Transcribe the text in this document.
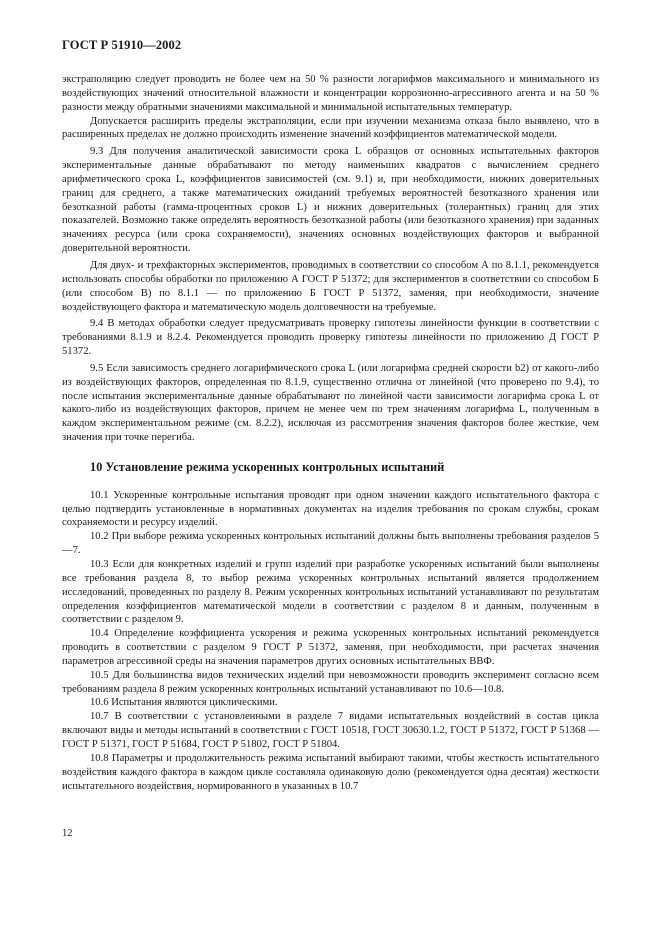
ГОСТ Р 51910—2002

экстраполяцию следует проводить не более чем на 50 % разности логарифмов максимального и минимального из воздействующих значений относительной влажности и концентрации коррозионно-агрессивного агента и на 50 % разности между обратными значениями максимальной и минимальной испытательных температур.

Допускается расширить пределы экстраполяции, если при изучении механизма отказа было выявлено, что в расширенных пределах не должно происходить изменение значений коэффициентов математической модели.

9.3 Для получения аналитической зависимости срока L образцов от основных испытательных факторов экспериментальные данные обрабатывают по методу наименьших квадратов с вычислением среднего арифметического срока L, коэффициентов зависимостей (см. 9.1) и, при необходимости, нижних доверительных границ для среднего, а также математических ожиданий требуемых вероятностей безотказного хранения или безотказной работы (гамма-процентных сроков L) и нижних доверительных (толерантных) границ для этих показателей. Возможно также определять вероятность безотказной работы (или безотказного хранения) при заданных значениях ресурса (или срока сохраняемости), значениях основных воздействующих факторов и выбранной доверительной вероятности.

Для двух- и трехфакторных экспериментов, проводимых в соответствии со способом А по 8.1.1, рекомендуется использовать способы обработки по приложению А ГОСТ Р 51372; для экспериментов в соответствии со способом Б (или способом В) по 8.1.1 — по приложению Б ГОСТ Р 51372, заменяя, при необходимости, значение воздействующего фактора и математическую модель долговечности на требуемые.

9.4 В методах обработки следует предусматривать проверку гипотезы линейности функции в соответствии с требованиями 8.1.9 и 8.2.4. Рекомендуется проводить проверку гипотезы линейности по приложению Д ГОСТ Р 51372.

9.5 Если зависимость среднего логарифмического срока L (или логарифма средней скорости b2) от какого-либо из воздействующих факторов, определенная по 8.1.9, существенно отлична от линейной (что проверено по 9.4), то после испытания экспериментальные данные обрабатывают по линейной части зависимости логарифма срока L от какого-либо из воздействующих факторов, причем не менее чем по трем значениям логарифма L, полученным в каждом экспериментальном режиме (см. 8.2.2), исключая из рассмотрения значения факторов более жесткие, чем значения при точке перегиба.

10 Установление режима ускоренных контрольных испытаний

10.1 Ускоренные контрольные испытания проводят при одном значении каждого испытательного фактора с целью подтвердить установленные в нормативных документах на изделия требования по срокам службы, срокам сохраняемости и ресурсу изделий.

10.2 При выборе режима ускоренных контрольных испытаний должны быть выполнены требования разделов 5—7.

10.3 Если для конкретных изделий и групп изделий при разработке ускоренных испытаний были выполнены все требования раздела 8, то выбор режима ускоренных контрольных испытаний является продолжением исследований, проведенных по разделу 8. Режим ускоренных контрольных испытаний устанавливают по результатам определения коэффициентов математической модели в соответствии с разделом 8 и данным, полученным в соответствии с разделом 9.

10.4 Определение коэффициента ускорения и режима ускоренных контрольных испытаний рекомендуется проводить в соответствии с разделом 9 ГОСТ Р 51372, заменяя, при необходимости, при расчетах значения параметров агрессивной среды на значения параметров других основных испытательных ВВФ.

10.5 Для большинства видов технических изделий при невозможности проводить эксперимент согласно всем требованиям раздела 8 режим ускоренных контрольных испытаний устанавливают по 10.6—10.8.

10.6 Испытания являются циклическими.

10.7 В соответствии с установленными в разделе 7 видами испытательных воздействий в состав цикла включают виды и методы испытаний в соответствии с ГОСТ 10518, ГОСТ 30630.1.2, ГОСТ Р 51372, ГОСТ Р 51368 — ГОСТ Р 51371, ГОСТ Р 51684, ГОСТ Р 51802, ГОСТ Р 51804.

10.8 Параметры и продолжительность режима испытаний выбирают такими, чтобы жесткость испытательного воздействия каждого фактора в каждом цикле составляла одинаковую долю (рекомендуется одна десятая) жесткости испытательного воздействия, нормированного в указанных в 10.7

12
